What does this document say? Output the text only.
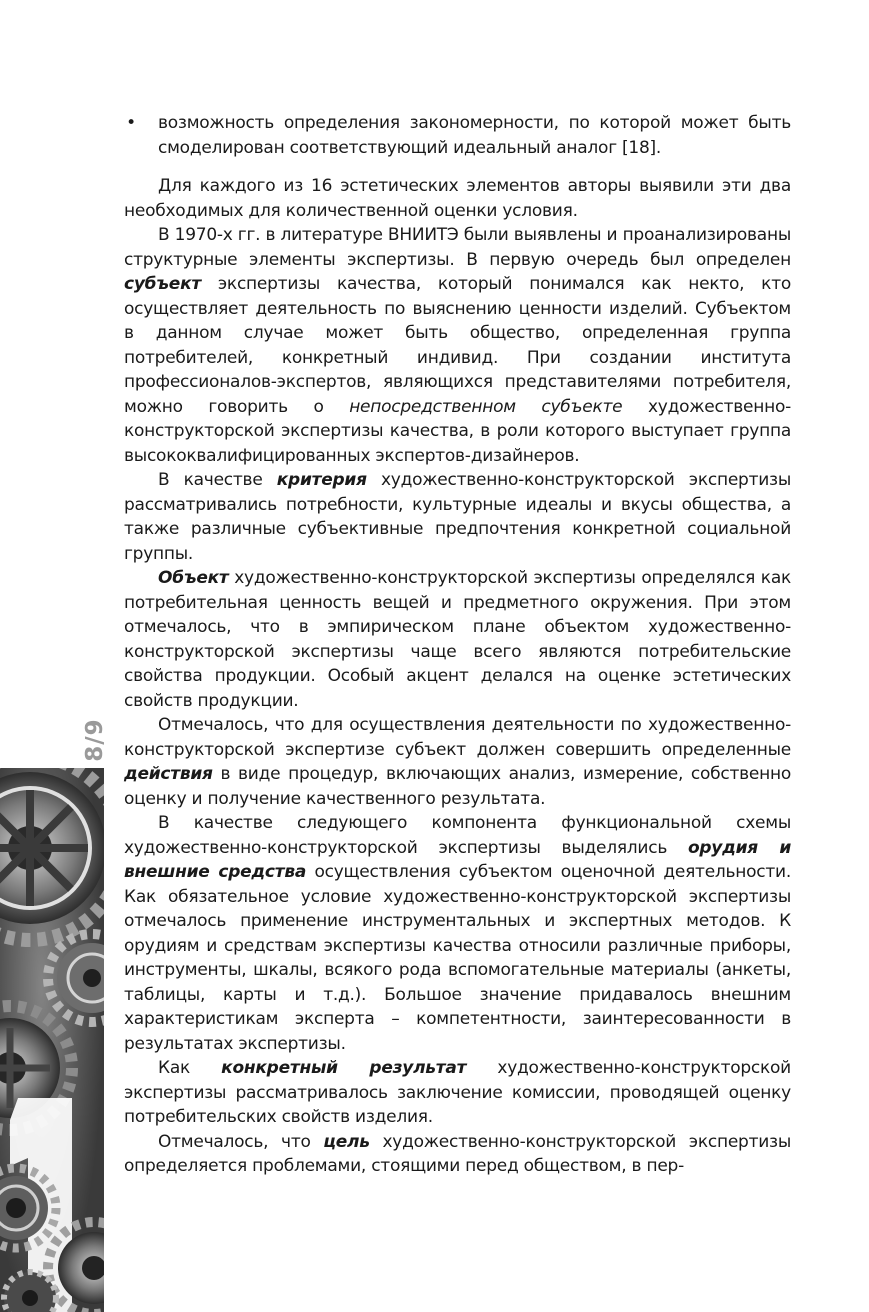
8/9

• возможность определения закономерности, по которой может быть смоделирован соответствующий идеальный аналог [18].

Для каждого из 16 эстетических элементов авторы выявили эти два необходимых для количественной оценки условия.

В 1970-х гг. в литературе ВНИИТЭ были выявлены и проанализированы структурные элементы экспертизы. В первую очередь был определен субъект экспертизы качества, который понимался как некто, кто осуществляет деятельность по выяснению ценности изделий. Субъектом в данном случае может быть общество, определенная группа потребителей, конкретный индивид. При создании института профессионалов-экспертов, являющихся представителями потребителя, можно говорить о непосредственном субъекте художественно-конструкторской экспертизы качества, в роли которого выступает группа высококвалифицированных экспертов-дизайнеров.

В качестве критерия художественно-конструкторской экспертизы рассматривались потребности, культурные идеалы и вкусы общества, а также различные субъективные предпочтения конкретной социальной группы.

Объект художественно-конструкторской экспертизы определялся как потребительная ценность вещей и предметного окружения. При этом отмечалось, что в эмпирическом плане объектом художественно-конструкторской экспертизы чаще всего являются потребительские свойства продукции. Особый акцент делался на оценке эстетических свойств продукции.

Отмечалось, что для осуществления деятельности по художественно-конструкторской экспертизе субъект должен совершить определенные действия в виде процедур, включающих анализ, измерение, собственно оценку и получение качественного результата.

В качестве следующего компонента функциональной схемы художественно-конструкторской экспертизы выделялись орудия и внешние средства осуществления субъектом оценочной деятельности. Как обязательное условие художественно-конструкторской экспертизы отмечалось применение инструментальных и экспертных методов. К орудиям и средствам экспертизы качества относили различные приборы, инструменты, шкалы, всякого рода вспомогательные материалы (анкеты, таблицы, карты и т.д.). Большое значение придавалось внешним характеристикам эксперта – компетентности, заинтересованности в результатах экспертизы.

Как конкретный результат художественно-конструкторской экспертизы рассматривалось заключение комиссии, проводящей оценку потребительских свойств изделия.

Отмечалось, что цель художественно-конструкторской экспертизы определяется проблемами, стоящими перед обществом, в пер-
